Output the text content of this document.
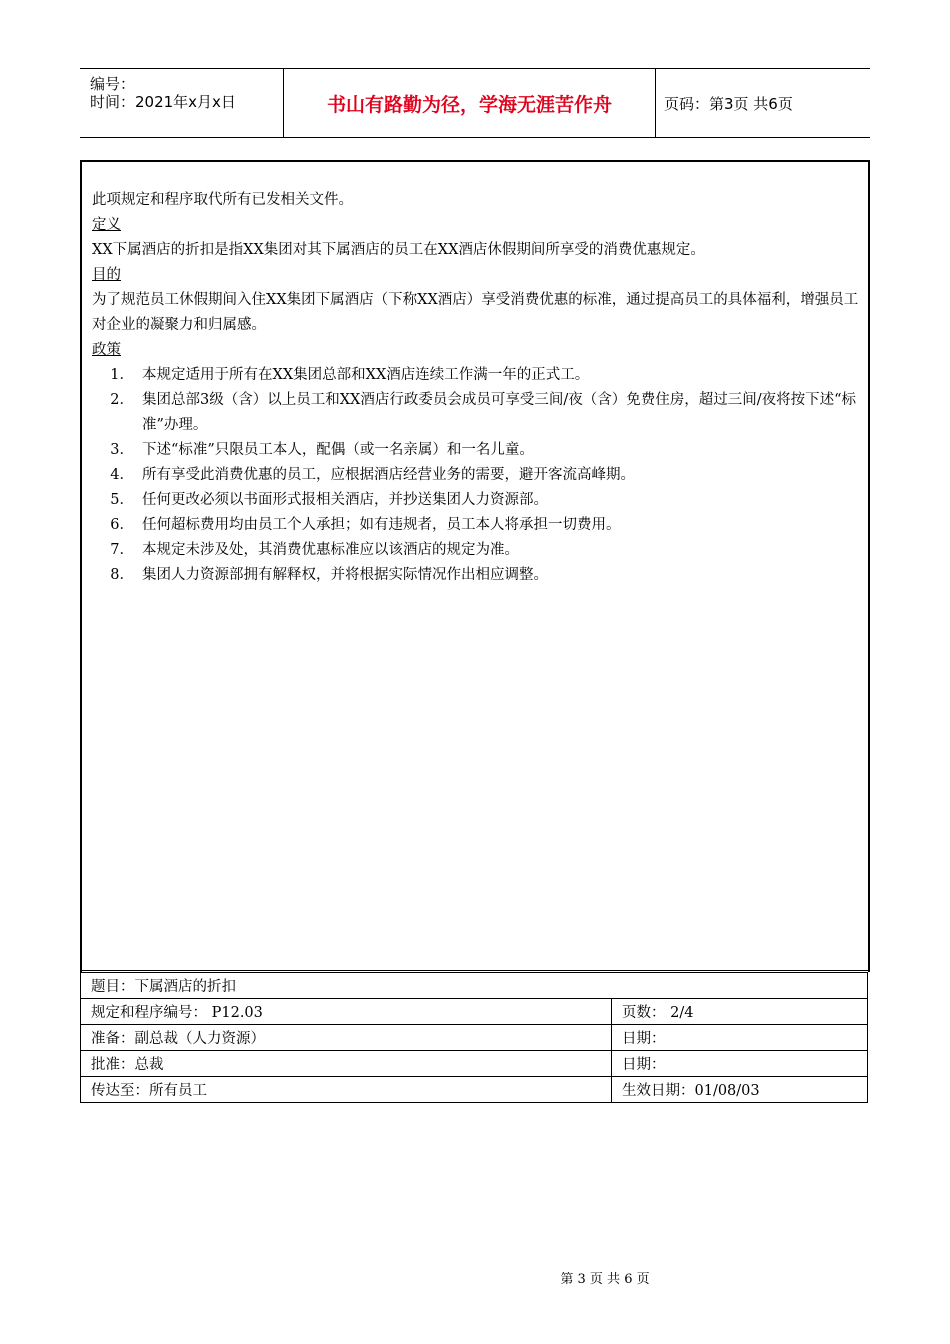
编号：
时间：2021年x月x日	书山有路勤为径，学海无涯苦作舟	页码：第3页 共6页

此项规定和程序取代所有已发相关文件。

定义

XX下属酒店的折扣是指XX集团对其下属酒店的员工在XX酒店休假期间所享受的消费优惠规定。

目的

为了规范员工休假期间入住XX集团下属酒店（下称XX酒店）享受消费优惠的标准，通过提高员工的具体福利，增强员工对企业的凝聚力和归属感。

政策

1． 本规定适用于所有在XX集团总部和XX酒店连续工作满一年的正式工。
2． 集团总部3级（含）以上员工和XX酒店行政委员会成员可享受三间/夜（含）免费住房，超过三间/夜将按下述“标准”办理。
3． 下述“标准”只限员工本人，配偶（或一名亲属）和一名儿童。
4． 所有享受此消费优惠的员工，应根据酒店经营业务的需要，避开客流高峰期。
5． 任何更改必须以书面形式报相关酒店，并抄送集团人力资源部。
6． 任何超标费用均由员工个人承担；如有违规者，员工本人将承担一切费用。
7． 本规定未涉及处，其消费优惠标准应以该酒店的规定为准。
8． 集团人力资源部拥有解释权，并将根据实际情况作出相应调整。
题目：下属酒店的折扣	
规定和程序编号： P12.03	页数： 2/4
准备：副总裁（人力资源）	日期：
批准：总裁	日期：
传达至：所有员工	生效日期：01/08/03
第 3 页 共 6 页
